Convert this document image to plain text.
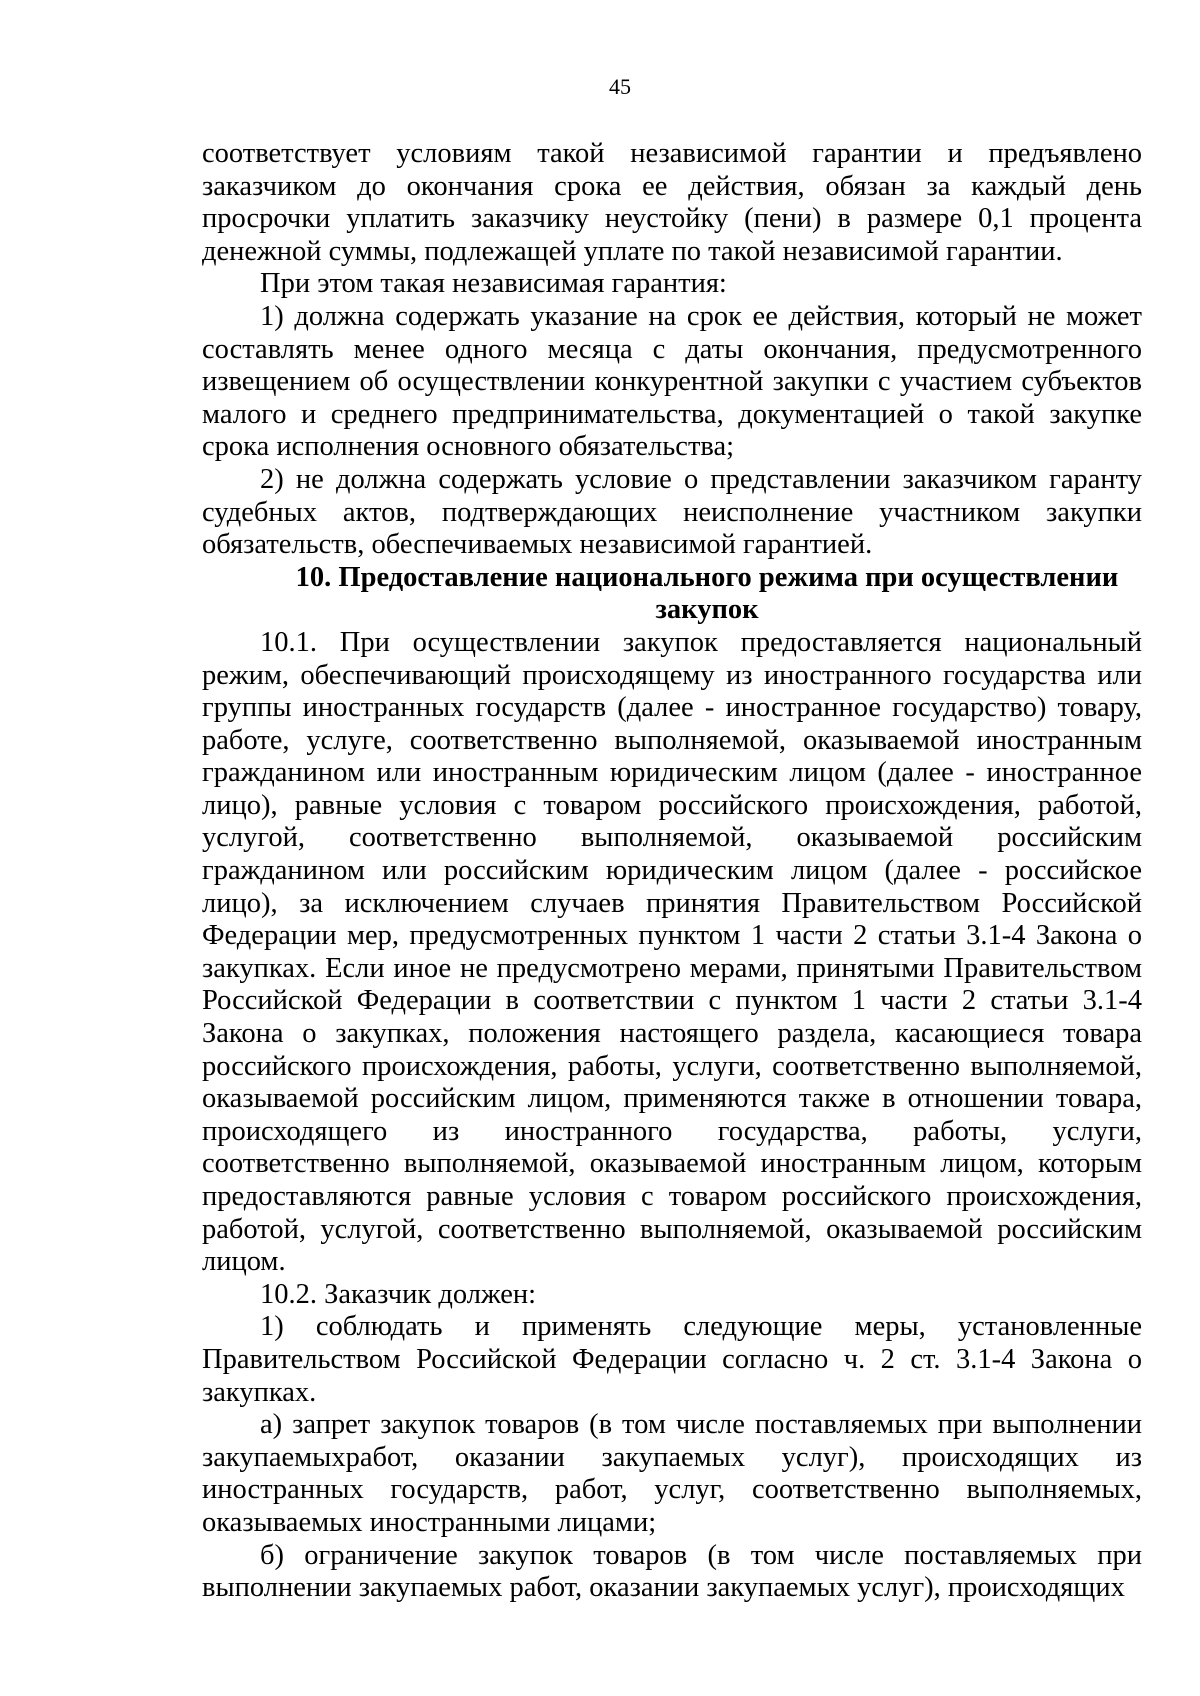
45

соответствует условиям такой независимой гарантии и предъявлено заказчиком до окончания срока ее действия, обязан за каждый день просрочки уплатить заказчику неустойку (пени) в размере 0,1 процента денежной суммы, подлежащей уплате по такой независимой гарантии.

При этом такая независимая гарантия:

1) должна содержать указание на срок ее действия, который не может составлять менее одного месяца с даты окончания, предусмотренного извещением об осуществлении конкурентной закупки с участием субъектов малого и среднего предпринимательства, документацией о такой закупке срока исполнения основного обязательства;

2) не должна содержать условие о представлении заказчиком гаранту судебных актов, подтверждающих неисполнение участником закупки обязательств, обеспечиваемых независимой гарантией.

10. Предоставление национального режима при осуществлении закупок

10.1. При осуществлении закупок предоставляется национальный режим, обеспечивающий происходящему из иностранного государства или группы иностранных государств (далее - иностранное государство) товару, работе, услуге, соответственно выполняемой, оказываемой иностранным гражданином или иностранным юридическим лицом (далее - иностранное лицо), равные условия с товаром российского происхождения, работой, услугой, соответственно выполняемой, оказываемой российским гражданином или российским юридическим лицом (далее - российское лицо), за исключением случаев принятия Правительством Российской Федерации мер, предусмотренных пунктом 1 части 2 статьи 3.1-4 Закона о закупках. Если иное не предусмотрено мерами, принятыми Правительством Российской Федерации в соответствии с пунктом 1 части 2 статьи 3.1-4 Закона о закупках, положения настоящего раздела, касающиеся товара российского происхождения, работы, услуги, соответственно выполняемой, оказываемой российским лицом, применяются также в отношении товара, происходящего из иностранного государства, работы, услуги, соответственно выполняемой, оказываемой иностранным лицом, которым предоставляются равные условия с товаром российского происхождения, работой, услугой, соответственно выполняемой, оказываемой российским лицом.

10.2. Заказчик должен:

1) соблюдать и применять следующие меры, установленные Правительством Российской Федерации согласно ч. 2 ст. 3.1-4 Закона о закупках.

а) запрет закупок товаров (в том числе поставляемых при выполнении закупаемыхработ, оказании закупаемых услуг), происходящих из иностранных государств, работ, услуг, соответственно выполняемых, оказываемых иностранными лицами;

б) ограничение закупок товаров (в том числе поставляемых при выполнении закупаемых работ, оказании закупаемых услуг), происходящих
